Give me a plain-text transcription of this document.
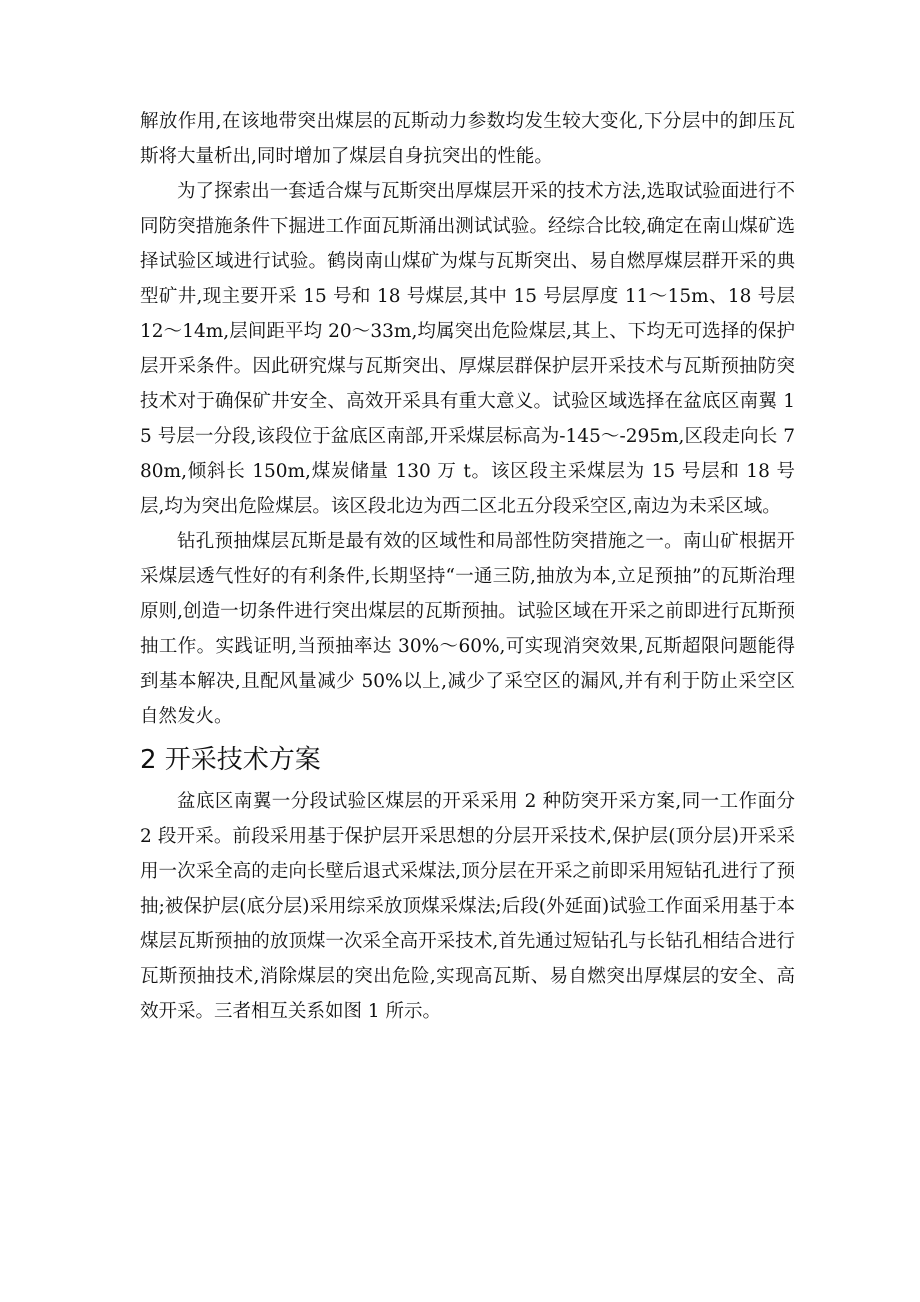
解放作用,在该地带突出煤层的瓦斯动力参数均发生较大变化,下分层中的卸压瓦斯将大量析出,同时增加了煤层自身抗突出的性能。

为了探索出一套适合煤与瓦斯突出厚煤层开采的技术方法,选取试验面进行不同防突措施条件下掘进工作面瓦斯涌出测试试验。经综合比较,确定在南山煤矿选择试验区域进行试验。鹤岗南山煤矿为煤与瓦斯突出、易自燃厚煤层群开采的典型矿井,现主要开采 15 号和 18 号煤层,其中 15 号层厚度 11～15m、18 号层 12～14m,层间距平均 20～33m,均属突出危险煤层,其上、下均无可选择的保护层开采条件。因此研究煤与瓦斯突出、厚煤层群保护层开采技术与瓦斯预抽防突技术对于确保矿井安全、高效开采具有重大意义。试验区域选择在盆底区南翼 15 号层一分段,该段位于盆底区南部,开采煤层标高为-145～-295m,区段走向长 780m,倾斜长 150m,煤炭储量 130 万 t。该区段主采煤层为 15 号层和 18 号层,均为突出危险煤层。该区段北边为西二区北五分段采空区,南边为未采区域。

钻孔预抽煤层瓦斯是最有效的区域性和局部性防突措施之一。南山矿根据开采煤层透气性好的有利条件,长期坚持“一通三防,抽放为本,立足预抽”的瓦斯治理原则,创造一切条件进行突出煤层的瓦斯预抽。试验区域在开采之前即进行瓦斯预抽工作。实践证明,当预抽率达 30%～60%,可实现消突效果,瓦斯超限问题能得到基本解决,且配风量减少 50%以上,减少了采空区的漏风,并有利于防止采空区自然发火。

2 开采技术方案

盆底区南翼一分段试验区煤层的开采采用 2 种防突开采方案,同一工作面分 2 段开采。前段采用基于保护层开采思想的分层开采技术,保护层(顶分层)开采采用一次采全高的走向长壁后退式采煤法,顶分层在开采之前即采用短钻孔进行了预抽;被保护层(底分层)采用综采放顶煤采煤法;后段(外延面)试验工作面采用基于本煤层瓦斯预抽的放顶煤一次采全高开采技术,首先通过短钻孔与长钻孔相结合进行瓦斯预抽技术,消除煤层的突出危险,实现高瓦斯、易自燃突出厚煤层的安全、高效开采。三者相互关系如图 1 所示。
